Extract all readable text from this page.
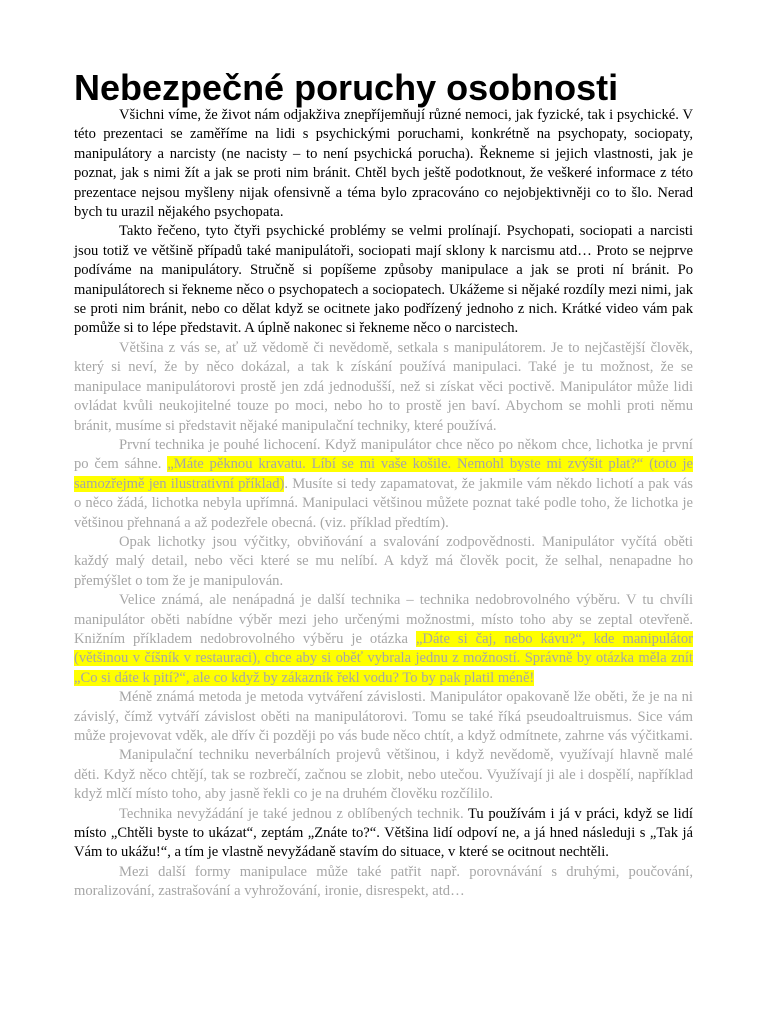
Nebezpečné poruchy osobnosti

Všichni víme, že život nám odjakživa znepříjemňují různé nemoci, jak fyzické, tak i psychické. V této prezentaci se zaměříme na lidi s psychickými poruchami, konkrétně na psychopaty, sociopaty, manipulátory a narcisty (ne nacisty – to není psychická porucha). Řekneme si jejich vlastnosti, jak je poznat, jak s nimi žít a jak se proti nim bránit. Chtěl bych ještě podotknout, že veškeré informace z této prezentace nejsou myšleny nijak ofensivně a téma bylo zpracováno co nejobjektivněji co to šlo. Nerad bych tu urazil nějakého psychopata.

Takto řečeno, tyto čtyři psychické problémy se velmi prolínají. Psychopati, sociopati a narcisti jsou totiž ve většině případů také manipulátoři, sociopati mají sklony k narcismu atd… Proto se nejprve podíváme na manipulátory. Stručně si popíšeme způsoby manipulace a jak se proti ní bránit. Po manipulátorech si řekneme něco o psychopatech a sociopatech. Ukážeme si nějaké rozdíly mezi nimi, jak se proti nim bránit, nebo co dělat když se ocitnete jako podřízený jednoho z nich. Krátké video vám pak pomůže si to lépe představit. A úplně nakonec si řekneme něco o narcistech.

Většina z vás se, ať už vědomě či nevědomě, setkala s manipulátorem. Je to nejčastější člověk, který si neví, že by něco dokázal, a tak k získání používá manipulaci. Také je tu možnost, že se manipulace manipulátorovi prostě jen zdá jednodušší, než si získat věci poctivě. Manipulátor může lidi ovládat kvůli neukojitelné touze po moci, nebo ho to prostě jen baví. Abychom se mohli proti němu bránit, musíme si představit nějaké manipulační techniky, které používá.

První technika je pouhé lichocení. Když manipulátor chce něco po někom chce, lichotka je první po čem sáhne. „Máte pěknou kravatu. Líbí se mi vaše košile. Nemohl byste mi zvýšit plat?“ (toto je samozřejmě jen ilustrativní příklad). Musíte si tedy zapamatovat, že jakmile vám někdo lichotí a pak vás o něco žádá, lichotka nebyla upřímná. Manipulaci většinou můžete poznat také podle toho, že lichotka je většinou přehnaná a až podezřele obecná. (viz. příklad předtím).

Opak lichotky jsou výčitky, obviňování a svalování zodpovědnosti. Manipulátor vyčítá oběti každý malý detail, nebo věci které se mu nelíbí. A když má člověk pocit, že selhal, nenapadne ho přemýšlet o tom že je manipulován.

Velice známá, ale nenápadná je další technika – technika nedobrovolného výběru. V tu chvíli manipulátor oběti nabídne výběr mezi jeho určenými možnostmi, místo toho aby se zeptal otevřeně. Knižním příkladem nedobrovolného výběru je otázka „Dáte si čaj, nebo kávu?“, kde manipulátor (většinou v číšník v restauraci), chce aby si oběť vybrala jednu z možností. Správně by otázka měla znít „Co si dáte k pití?“, ale co když by zákazník řekl vodu? To by pak platil méně!

Méně známá metoda je metoda vytváření závislosti. Manipulátor opakovaně lže oběti, že je na ni závislý, čímž vytváří závislost oběti na manipulátorovi. Tomu se také říká pseudoaltruismus. Sice vám může projevovat vděk, ale dřív či později po vás bude něco chtít, a když odmítnete, zahrne vás výčitkami.

Manipulační techniku neverbálních projevů většinou, i když nevědomě, využívají hlavně malé děti. Když něco chtějí, tak se rozbrečí, začnou se zlobit, nebo utečou. Využívají ji ale i dospělí, například když mlčí místo toho, aby jasně řekli co je na druhém člověku rozčílilo.

Technika nevyžádání je také jednou z oblíbených technik. Tu používám i já v práci, když se lidí místo „Chtěli byste to ukázat“, zeptám „Znáte to?“. Většina lidí odpoví ne, a já hned následuji s „Tak já Vám to ukážu!“, a tím je vlastně nevyžádaně stavím do situace, v které se ocitnout nechtěli.

Mezi další formy manipulace může také patřit např. porovnávání s druhými, poučování, moralizování, zastrašování a vyhrožování, ironie, disrespekt, atd…
